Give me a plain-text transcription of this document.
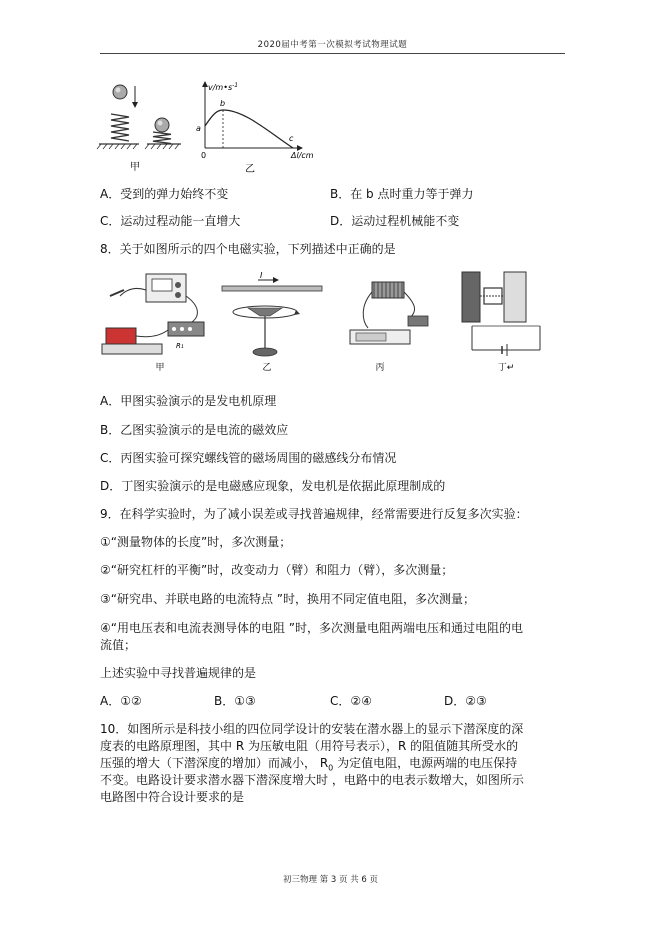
2020届中考第一次模拟考试物理试题
甲
$v/m•s^{-1}$
a
b
c
0	Δl/cm
乙
A．受到的弹力始终不变	B．在 b 点时重力等于弹力
C．运动过程动能一直增大	D．运动过程机械能不变
8．关于如图所示的四个电磁实验，下列描述中正确的是
R₁
甲
I
乙	丙	丁↵
A．甲图实验演示的是发电机原理
B．乙图实验演示的是电流的磁效应
C．丙图实验可探究螺线管的磁场周围的磁感线分布情况
D．丁图实验演示的是电磁感应现象，发电机是依据此原理制成的
9．在科学实验时，为了减小误差或寻找普遍规律，经常需要进行反复多次实验：
①“测量物体的长度”时，多次测量；
②“研究杠杆的平衡”时，改变动力（臂）和阻力（臂），多次测量；
③“研究串、并联电路的电流特点 ”时，换用不同定值电阻，多次测量；
④“用电压表和电流表测导体的电阻 ”时，多次测量电阻两端电压和通过电阻的电
流值；
上述实验中寻找普遍规律的是
A．①②	B．①③	C．②④	D．②③
10．如图所示是科技小组的四位同学设计的安装在潜水器上的显示下潜深度的深
度表的电路原理图，其中 R 为压敏电阻（用符号表示），R 的阻值随其所受水的
压强的增大（下潜深度的增加）而减小， $R_0$ 为定值电阻，电源两端的电压保持
不变。电路设计要求潜水器下潜深度增大时 ，电路中的电表示数增大，如图所示
电路图中符合设计要求的是
初三物理 第 3 页 共 6 页
